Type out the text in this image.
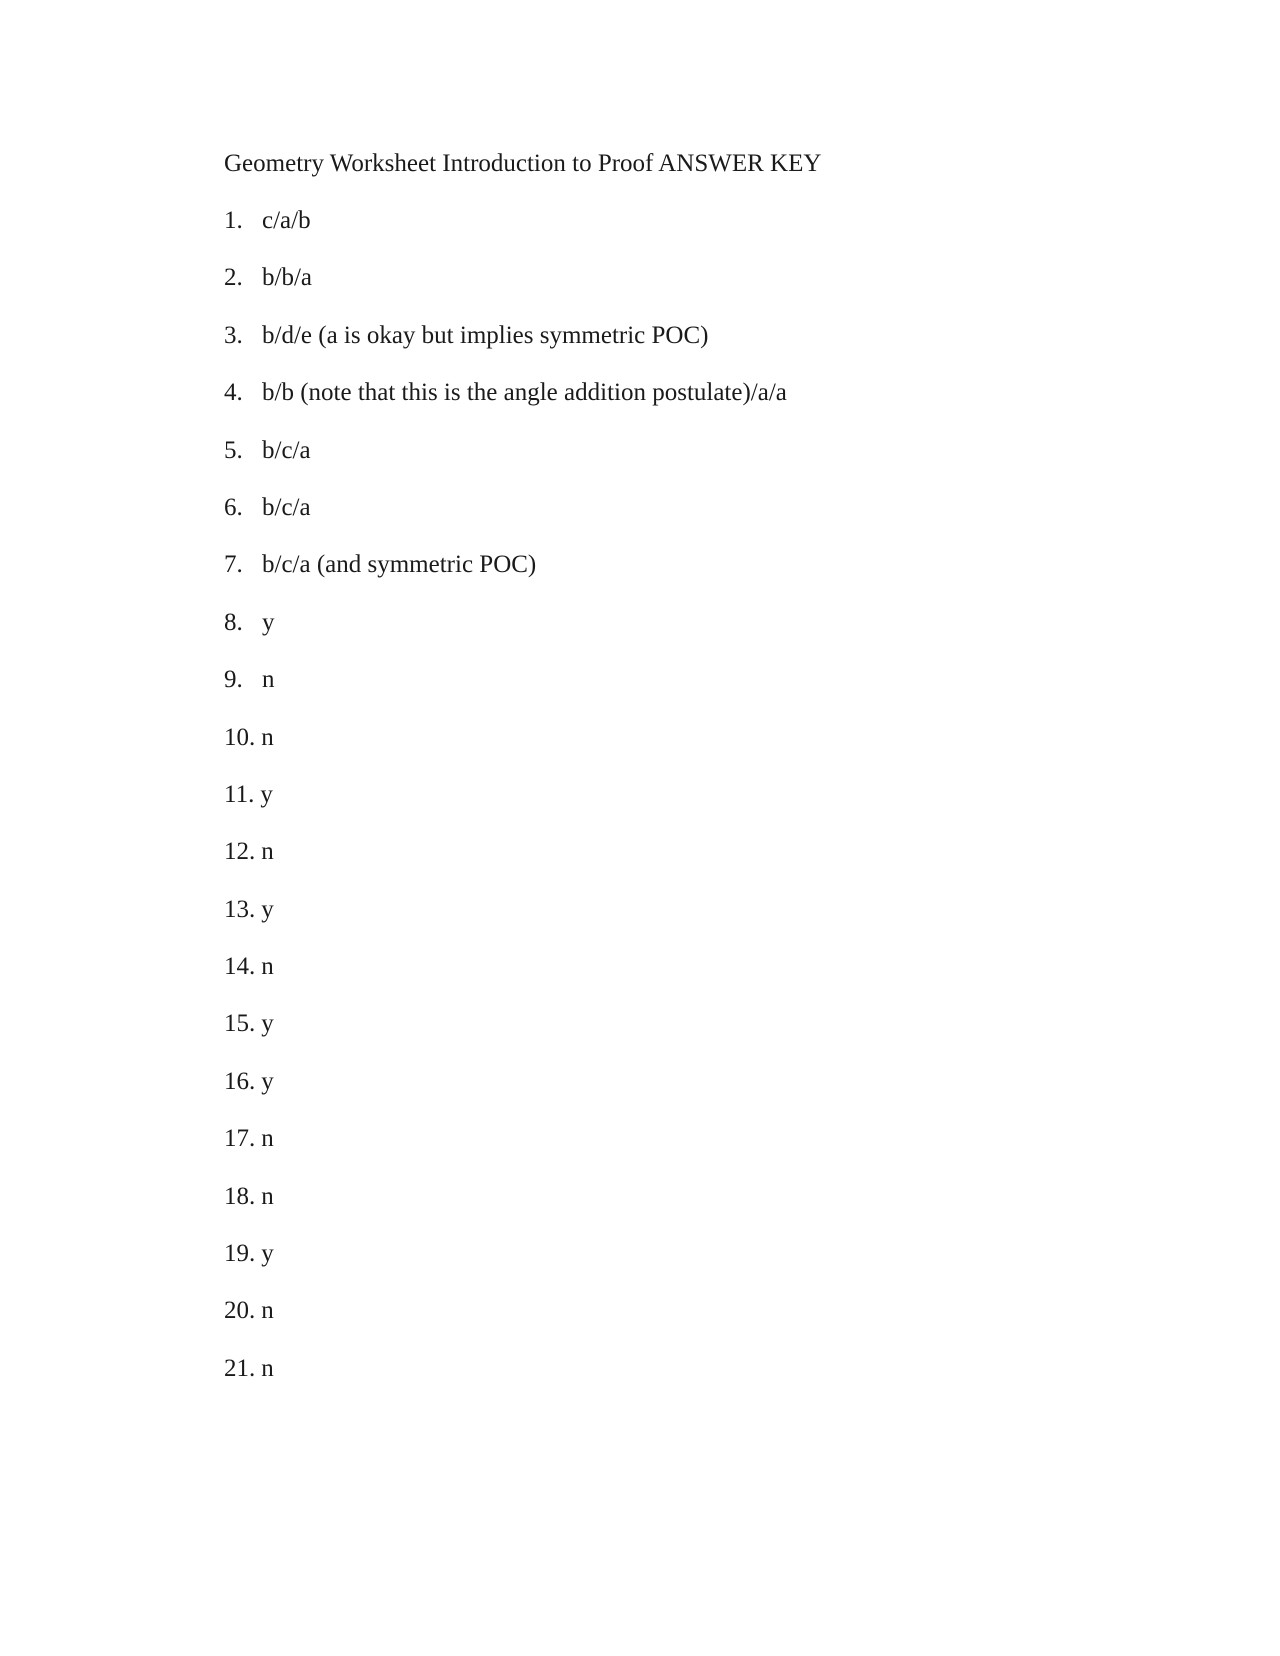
Geometry Worksheet Introduction to Proof ANSWER KEY
1. c/a/b
2. b/b/a
3. b/d/e (a is okay but implies symmetric POC)
4. b/b (note that this is the angle addition postulate)/a/a
5. b/c/a
6. b/c/a
7. b/c/a (and symmetric POC)
8. y
9. n
10. n
11. y
12. n
13. y
14. n
15. y
16. y
17. n
18. n
19. y
20. n
21. n
